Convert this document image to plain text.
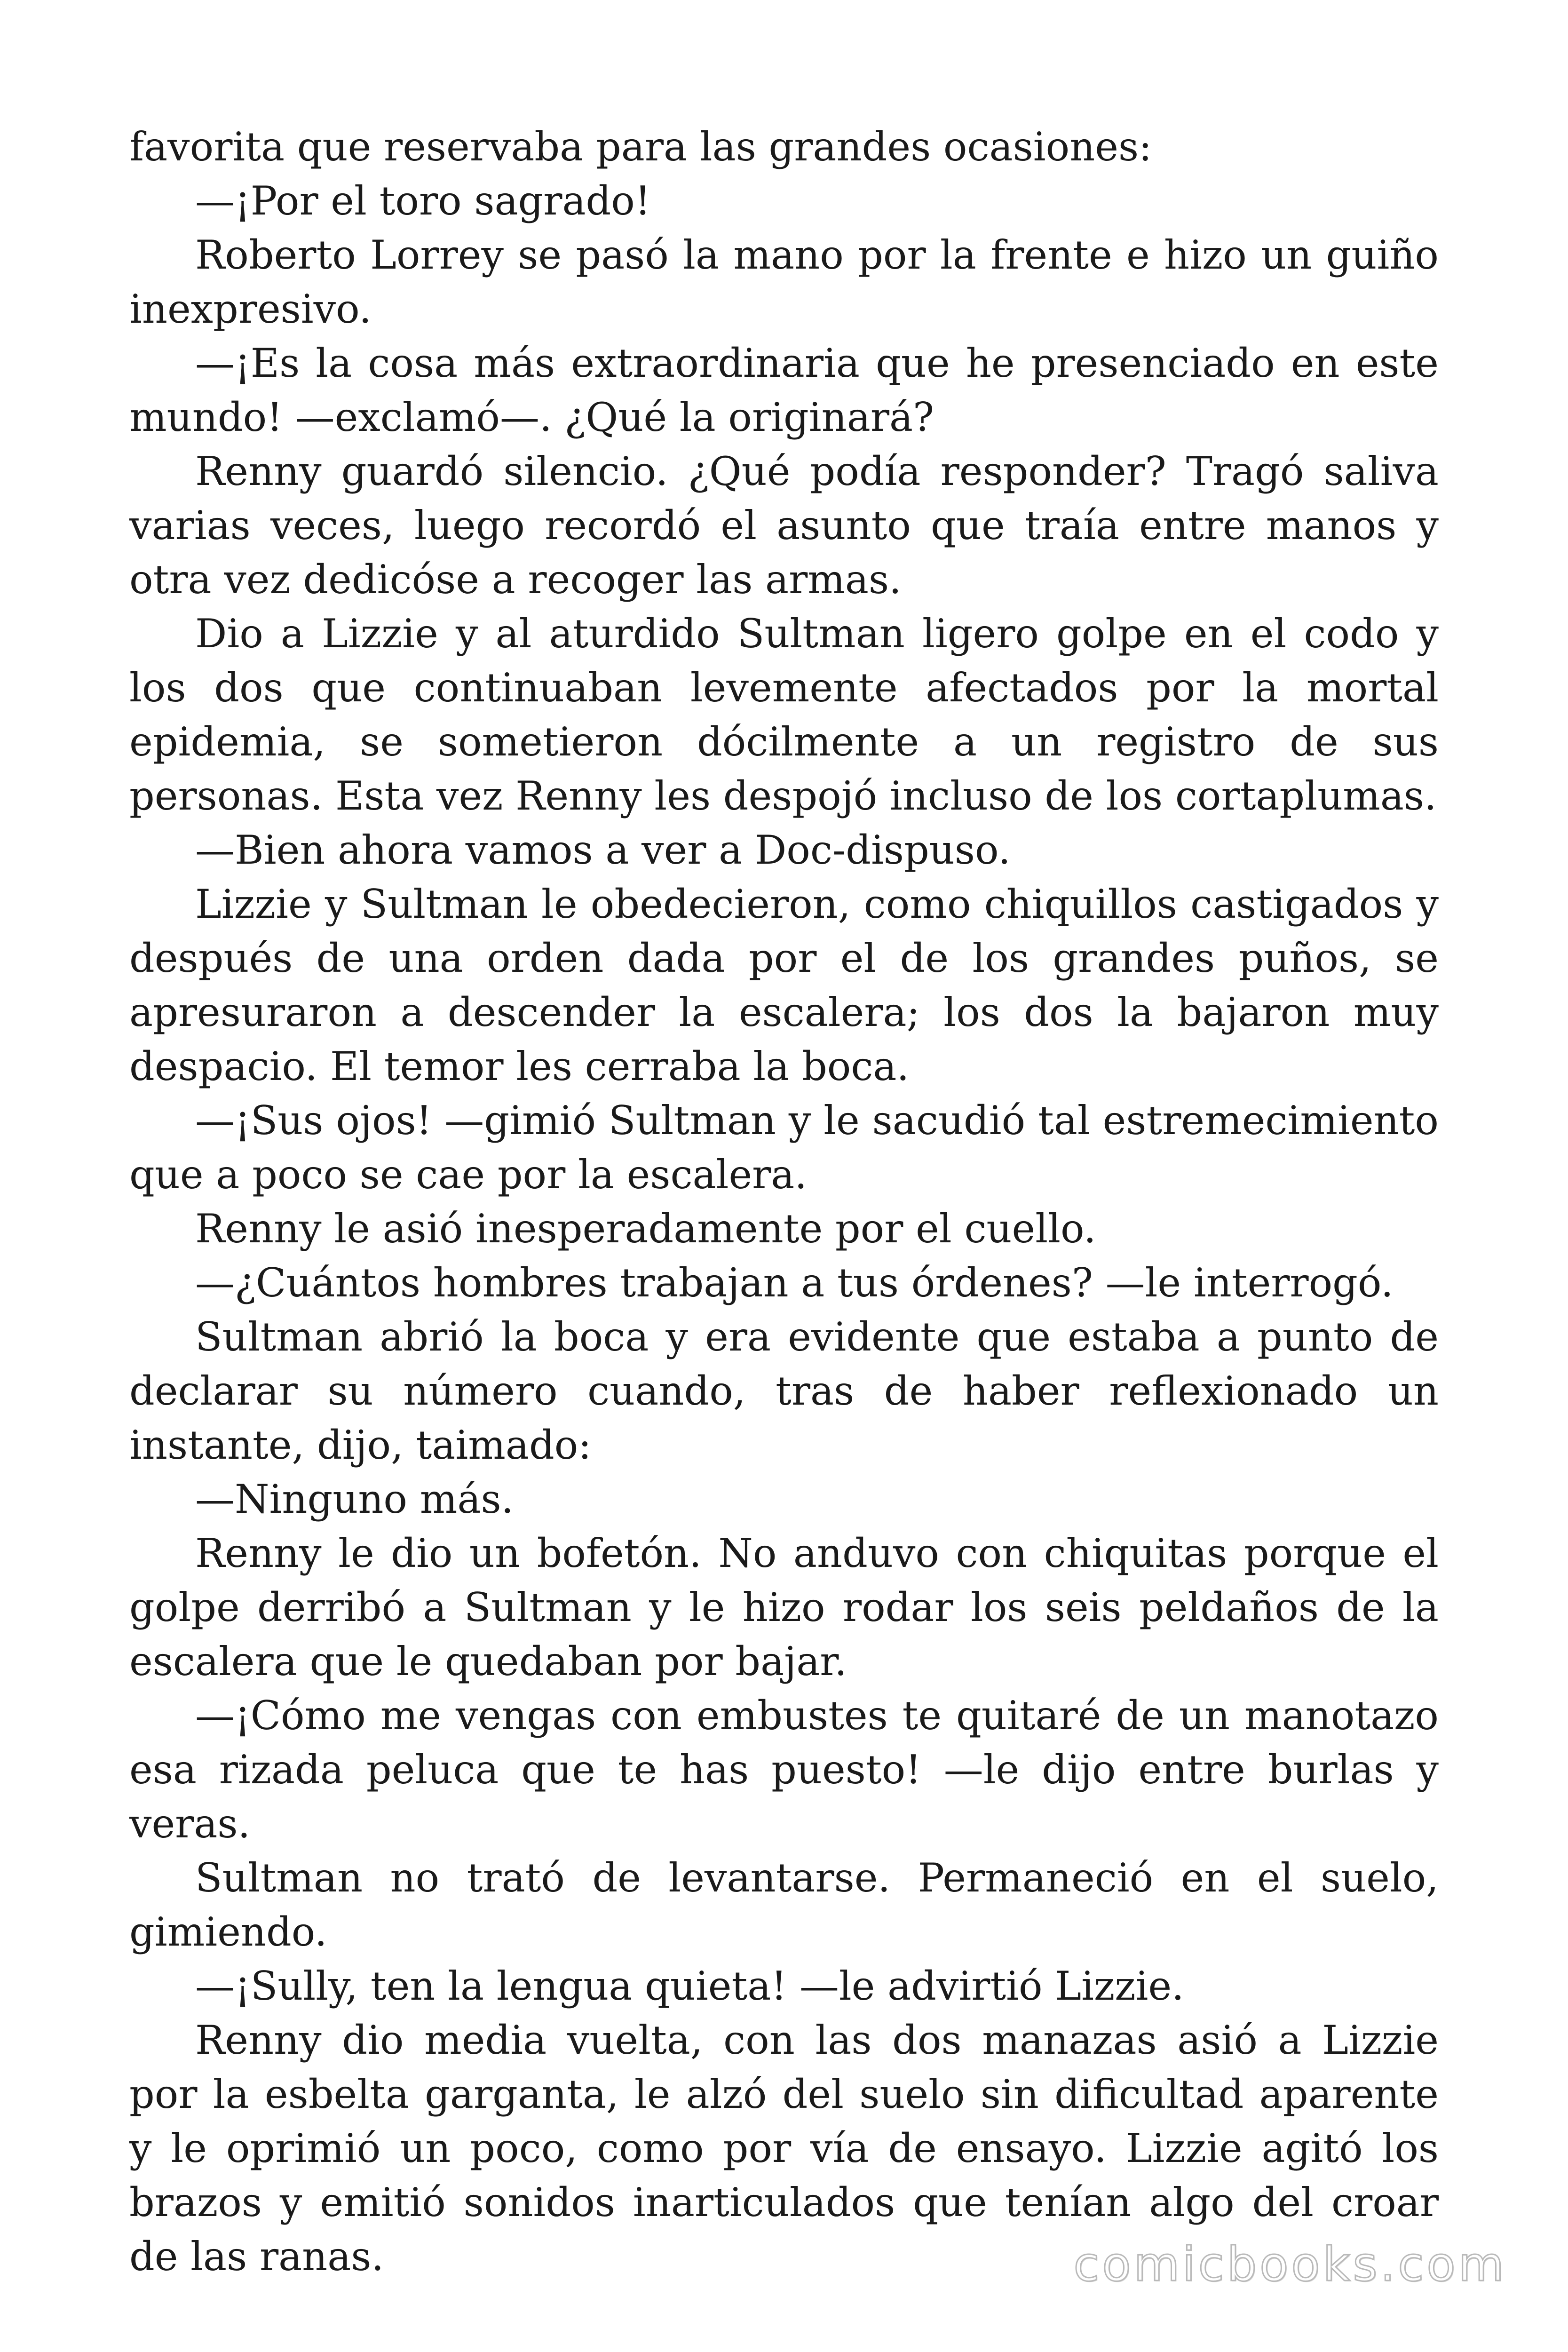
favorita que reservaba para las grandes ocasiones:

—¡Por el toro sagrado!

Roberto Lorrey se pasó la mano por la frente e hizo un guiño inexpresivo.

—¡Es la cosa más extraordinaria que he presenciado en este mundo! —exclamó—. ¿Qué la originará?

Renny guardó silencio. ¿Qué podía responder? Tragó saliva varias veces, luego recordó el asunto que traía entre manos y otra vez dedicóse a recoger las armas.

Dio a Lizzie y al aturdido Sultman ligero golpe en el codo y los dos que continuaban levemente afectados por la mortal epidemia, se sometieron dócilmente a un registro de sus personas. Esta vez Renny les despojó incluso de los cortaplumas.

—Bien ahora vamos a ver a Doc-dispuso.

Lizzie y Sultman le obedecieron, como chiquillos castigados y después de una orden dada por el de los grandes puños, se apresuraron a descender la escalera; los dos la bajaron muy despacio. El temor les cerraba la boca.

—¡Sus ojos! —gimió Sultman y le sacudió tal estremecimiento que a poco se cae por la escalera.

Renny le asió inesperadamente por el cuello.

—¿Cuántos hombres trabajan a tus órdenes? —le interrogó.

Sultman abrió la boca y era evidente que estaba a punto de declarar su número cuando, tras de haber reflexionado un instante, dijo, taimado:

—Ninguno más.

Renny le dio un bofetón. No anduvo con chiquitas porque el golpe derribó a Sultman y le hizo rodar los seis peldaños de la escalera que le quedaban por bajar.

—¡Cómo me vengas con embustes te quitaré de un manotazo esa rizada peluca que te has puesto! —le dijo entre burlas y veras.

Sultman no trató de levantarse. Permaneció en el suelo, gimiendo.

—¡Sully, ten la lengua quieta! —le advirtió Lizzie.

Renny dio media vuelta, con las dos manazas asió a Lizzie por la esbelta garganta, le alzó del suelo sin dificultad aparente y le oprimió un poco, como por vía de ensayo. Lizzie agitó los brazos y emitió sonidos inarticulados que tenían algo del croar de las ranas.	comicbooks.com
